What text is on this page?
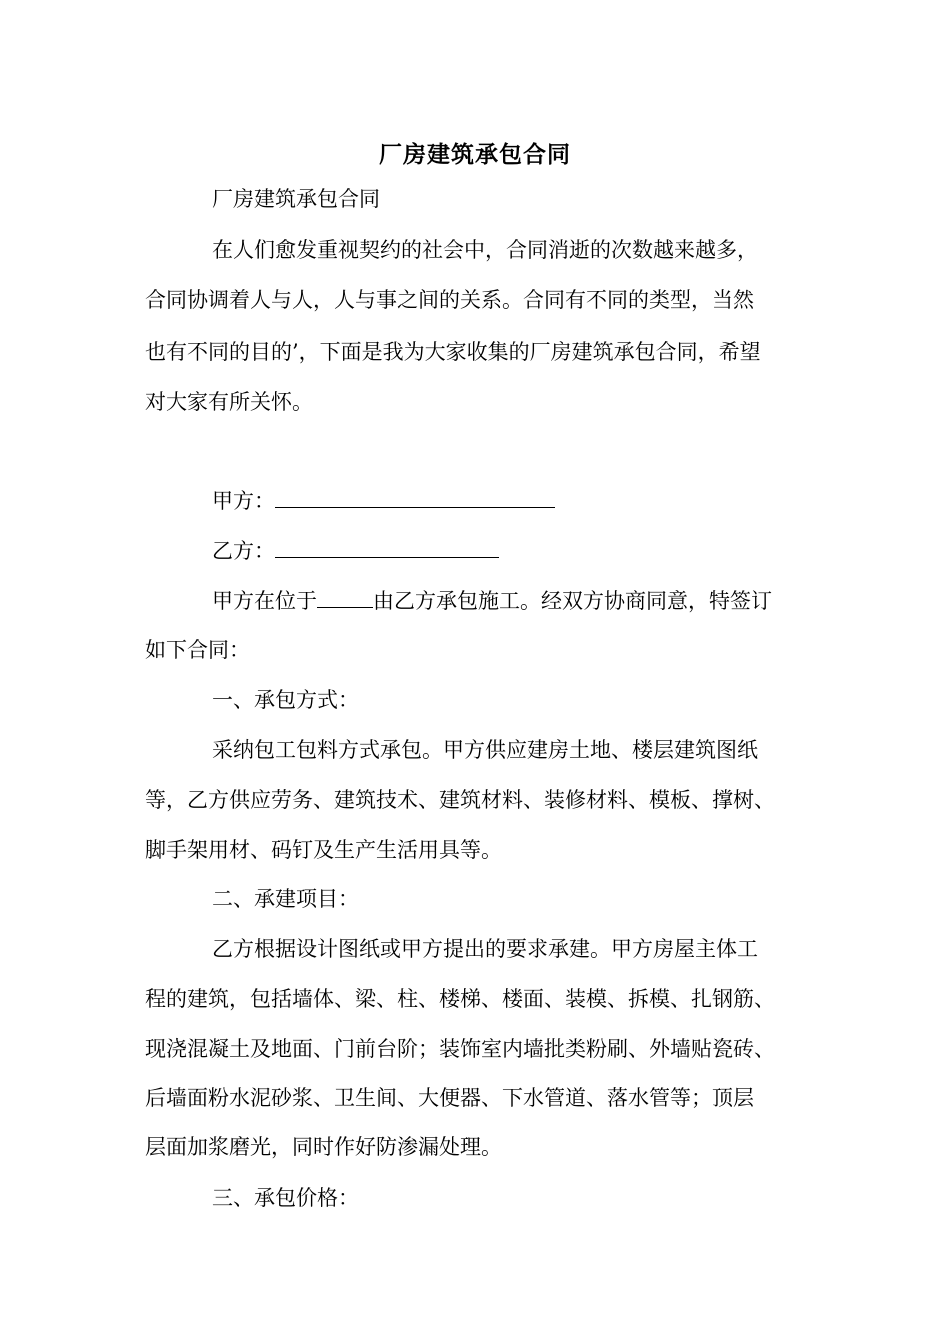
厂房建筑承包合同
厂房建筑承包合同
在人们愈发重视契约的社会中，合同消逝的次数越来越多，
合同协调着人与人，人与事之间的关系。合同有不同的类型，当然
也有不同的目的’，下面是我为大家收集的厂房建筑承包合同，希望
对大家有所关怀。
甲方：
乙方：
甲方在位于	由乙方承包施工。经双方协商同意，特签订
如下合同：
一、承包方式：
采纳包工包料方式承包。甲方供应建房土地、楼层建筑图纸
等，乙方供应劳务、建筑技术、建筑材料、装修材料、模板、撑树、
脚手架用材、码钉及生产生活用具等。
二、承建项目：
乙方根据设计图纸或甲方提出的要求承建。甲方房屋主体工
程的建筑，包括墙体、梁、柱、楼梯、楼面、装模、拆模、扎钢筋、
现浇混凝土及地面、门前台阶；装饰室内墙批类粉刷、外墙贴瓷砖、
后墙面粉水泥砂浆、卫生间、大便器、下水管道、落水管等；顶层
层面加浆磨光，同时作好防渗漏处理。
三、承包价格：
